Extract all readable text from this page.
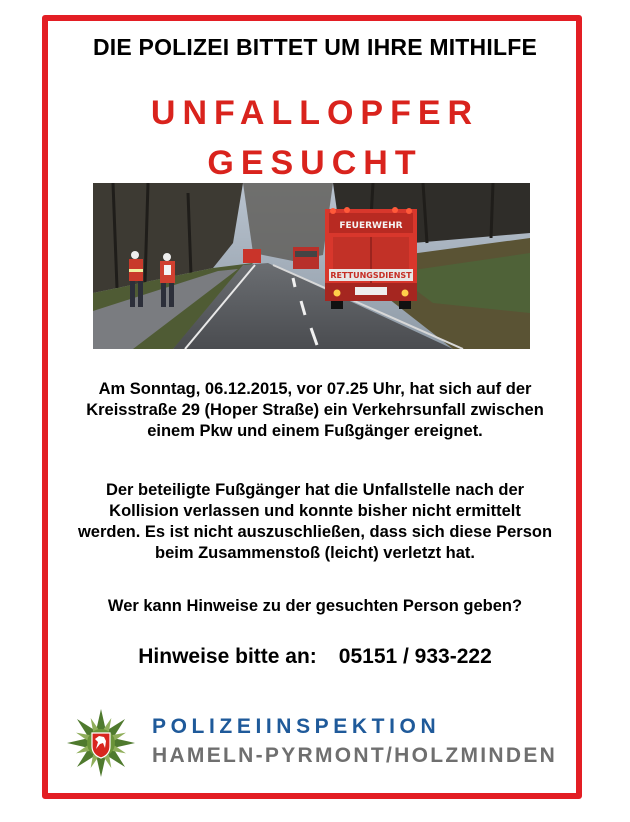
DIE POLIZEI BITTET UM IHRE MITHILFE
UNFALLOPFER
GESUCHT
FEUERWEHR
RETTUNGSDIENST
Am Sonntag, 06.12.2015, vor 07.25 Uhr, hat sich auf der
Kreisstraße 29 (Hoper Straße) ein Verkehrsunfall zwischen
einem Pkw und einem Fußgänger ereignet.
Der beteiligte Fußgänger hat die Unfallstelle nach der
Kollision verlassen und konnte bisher nicht ermittelt
werden. Es ist nicht auszuschließen, dass sich diese Person
beim Zusammenstoß (leicht) verletzt hat.
Wer kann Hinweise zu der gesuchten Person geben?
Hinweise bitte an: 05151 / 933-222
POLIZEIINSPEKTION
HAMELN-PYRMONT/HOLZMINDEN
